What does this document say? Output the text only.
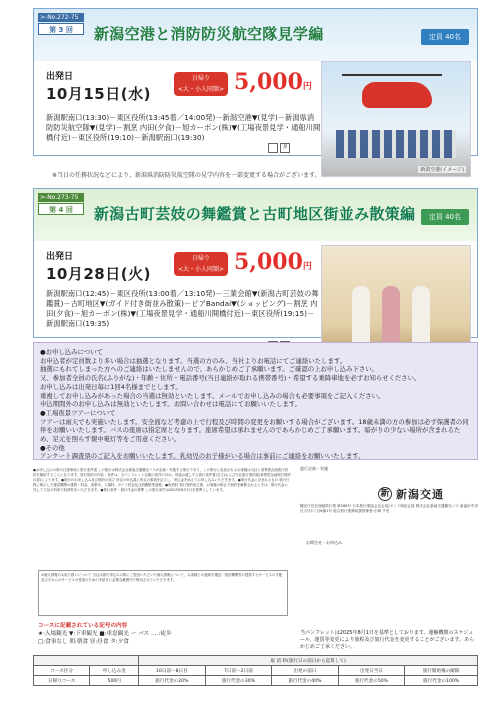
>-No.272-75
第 3 回	新潟空港と消防防災航空隊見学編	定員 40名
出発日
10月15日(水)
日帰り
<大・小人同額> 5,000円
新潟駅南口(13:30)－東区役所(13:45着／14:00発)－新潟空港▼(見学)－新潟県消防防災航空隊▼(見学)－割烹 内田(夕食)－旭カーボン(株)▼(工場夜景見学・通船川開橋付近)－東区役所(19:10)－新潟駅南口(19:30)
タ
新潟空港(イメージ)
※当日の任務状況などにより、新潟県消防防災航空隊の見学内容を一部変更する場合がございます。
>-No.273-75
第 4 回	新潟古町芸妓の舞鑑賞と古町地区街並み散策編	定員 40名
出発日
10月28日(火)
日帰り
<大・小人同額> 5,000円
新潟駅南口(12:45)－東区役所(13:00着／13:10発)－三業会館▼(新潟古町芸妓の舞鑑賞)－古町地区▼(ガイド付き街並み散策)－ピアBandai▼(ショッピング)－割烹 内田(夕食)－旭カーボン(株)▼(工場夜景見学・通船川開橋付近)－東区役所(19:15)－新潟駅南口(19:35)

●お申し込みについて

お申込者が定員数より多い場合は抽選となります。当選の方のみ、当社よりお電話にてご連絡いたします。

抽選にもれてしまった方へのご連絡はいたしませんので、あらかじめご了承願います。ご確認の上お申し込み下さい。

又、参加者全員の氏名(ふりがな)・年齢・住所・電話番号(当日連絡が取れる携帯番号)・希望する乗降車地を必ずお知らせください。

お申し込みは出発日毎に1回4名様までとします。

重複してお申し込みがあった場合の当選は無効といたします。メールでお申し込みの場合も必要事項をご記入ください。

申込期間外のお申し込みは無効といたします。お問い合わせは電話にてお願いいたします。

●工場夜景ツアーについて

ツアーは雨天でも実施いたします。安全面など考慮の上で行程及び時間の変更をお願いする場合がございます。18歳未満の方の参加は必ず保護者の同伴をお願いいたします。バスの座席は指定席となります。座席希望は承れませんのであらかじめご了承願います。暗がりの少ない場所が含まれるため、足元を照らす懐中電灯等をご用意ください。

●その他

アンケート調査票のご記入をお願いいたします。乳幼児のお子様がいる場合は事前にご連絡をお願いいたします。

●お申し込みの際の注意事項と旅行条件書 この旅行は株式会社新潟交通観光バスが企画・実施する旅行であり、この旅行に参加されるお客様は当社と募集型企画旅行契約を締結することになります。旅行契約の内容・条件は、当パンフレット記載の条件のほか、別途お渡しする旅行条件書(全文)および当社旅行業約款(募集型企画旅行契約の部)によります。●旅行のお申し込み及び契約の成立 所定の申込書に所定の事項を記入し、申込金を添えてお申し込みいただきます。●旅行代金に含まれるもの 旅行日程に明示した運送機関の運賃・料金、食事代、入場料、ガイド料金及び消費税等諸税。●取消料 旅行契約成立後、お客様の都合で契約を解除されるときは、旅行代金に対して下記の料率で取消料をいただきます。●旅行条件・旅行代金の基準 この旅行条件は2025年8月1日を基準としています。
①個人情報のお取り扱いについて 当社は旅行申込みの際にご提出いただいた個人情報について、お客様との連絡や運送・宿泊機関等の提供するサービスの手配及びそれらのサービスの受領のための手続きに必要な範囲内で利用させていただきます。
コースに記載されている記号の内容
★:入場観光 ▼:下車観光 ■:車窓観光 ー バス ‥‥:徒歩
□:食事なし 朝:朝食 昼:昼食 タ:夕食
旅行企画・実施
新 新潟交通
観光庁長官登録旅行業 第268号 日本旅行業協会正会員/ボンド保証会員 株式会社新潟交通観光バス 新潟市中央区万代1丁目6番1号 総合旅行業務取扱管理者:小林 千史
お問合せ・お申込み
当パンフレットは2025年8月1日を基準としております。運輸機関のスケジュール、運賃等変更により旅程及び旅行代金を変更することがございます。あらかじめご了承ください。
		取 消 料(旅行日の前日から起算して)				
コース区分	申し込み金	10日前～8日目	7日前～2日前	出発の前日	出発日当日	旅行開始後の解除
日帰りコース	500円	旅行代金の20%	旅行代金の30%	旅行代金の40%	旅行代金の50%	旅行代金の100%
